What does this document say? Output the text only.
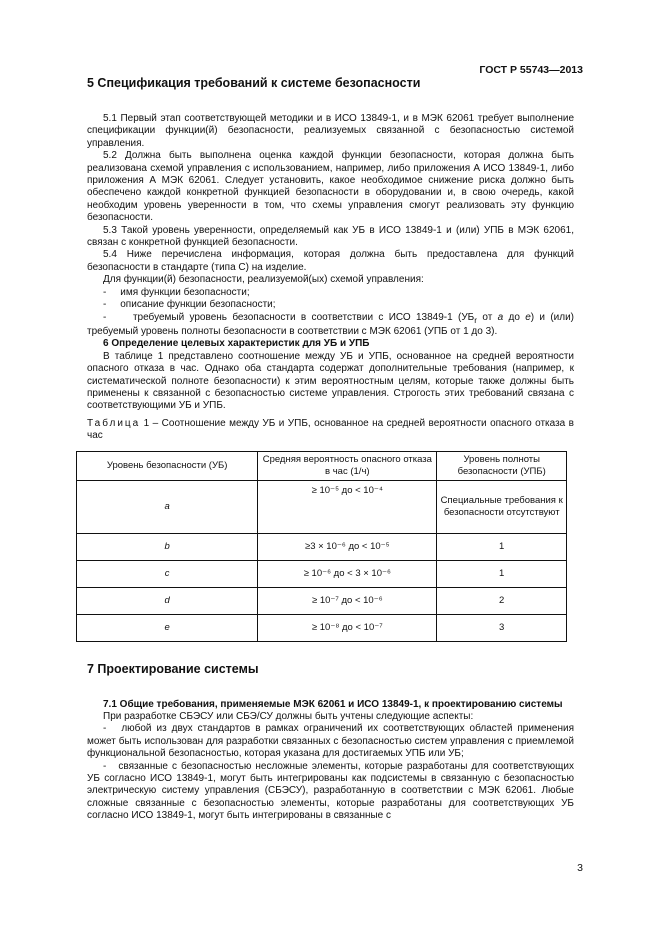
ГОСТ Р 55743—2013
5 Спецификация требований к системе безопасности

5.1 Первый этап соответствующей методики и в ИСО 13849-1, и в МЭК 62061 требует выполнение спецификации функции(й) безопасности, реализуемых связанной с безопасностью системой управления.

5.2 Должна быть выполнена оценка каждой функции безопасности, которая должна быть реализована схемой управления с использованием, например, либо приложения А ИСО 13849-1, либо приложения А МЭК 62061. Следует установить, какое необходимое снижение риска должно быть обеспечено каждой конкретной функцией безопасности в оборудовании и, в свою очередь, какой необходим уровень уверенности в том, что схемы управления смогут реализовать эту функцию безопасности.

5.3 Такой уровень уверенности, определяемый как УБ в ИСО 13849-1 и (или) УПБ в МЭК 62061, связан с конкретной функцией безопасности.

5.4 Ниже перечислена информация, которая должна быть предоставлена для функций безопасности в стандарте (типа С) на изделие.

Для функции(й) безопасности, реализуемой(ых) схемой управления:

- имя функции безопасности;

- описание функции безопасности;

-	требуемый уровень безопасности в соответствии с ИСО 13849-1 ($УБ_r$ от a до e) и (или) требуемый уровень полноты безопасности в соответствии с МЭК 62061 (УПБ от 1 до 3).

6 Определение целевых характеристик для УБ и УПБ

В таблице 1 представлено соотношение между УБ и УПБ, основанное на средней вероятности опасного отказа в час. Однако оба стандарта содержат дополнительные требования (например, к систематической полноте безопасности) к этим вероятностным целям, которые также должны быть применены к связанной с безопасностью системе управления. Строгость этих требований связана с соответствующими УБ и УПБ.

Таблица 1 – Соотношение между УБ и УПБ, основанное на средней вероятности опасного отказа в час

Уровень безопасности (УБ)	Средняя вероятность опасного отказа в час (1/ч)	Уровень полноты безопасности (УПБ)
a	≥ 10⁻⁵ до < 10⁻⁴	Специальные требования к безопасности отсутствуют
b	≥3 × 10⁻⁶ до < 10⁻⁵	1
c	≥ 10⁻⁶ до < 3 × 10⁻⁶	1
d	≥ 10⁻⁷ до < 10⁻⁶	2
e	≥ 10⁻⁸ до < 10⁻⁷	3
7 Проектирование системы

7.1 Общие требования, применяемые МЭК 62061 и ИСО 13849-1, к проектированию системы

При разработке СБЭСУ или СБЭ/СУ должны быть учтены следующие аспекты:

- любой из двух стандартов в рамках ограничений их соответствующих областей применения может быть использован для разработки связанных с безопасностью систем управления с приемлемой функциональной безопасностью, которая указана для достигаемых УПБ или УБ;

- связанные с безопасностью несложные элементы, которые разработаны для соответствующих УБ согласно ИСО 13849-1, могут быть интегрированы как подсистемы в связанную с безопасностью электрическую систему управления (СБЭСУ), разработанную в соответствии с МЭК 62061. Любые сложные связанные с безопасностью элементы, которые разработаны для соответствующих УБ согласно ИСО 13849-1, могут быть интегрированы в связанные с

3
